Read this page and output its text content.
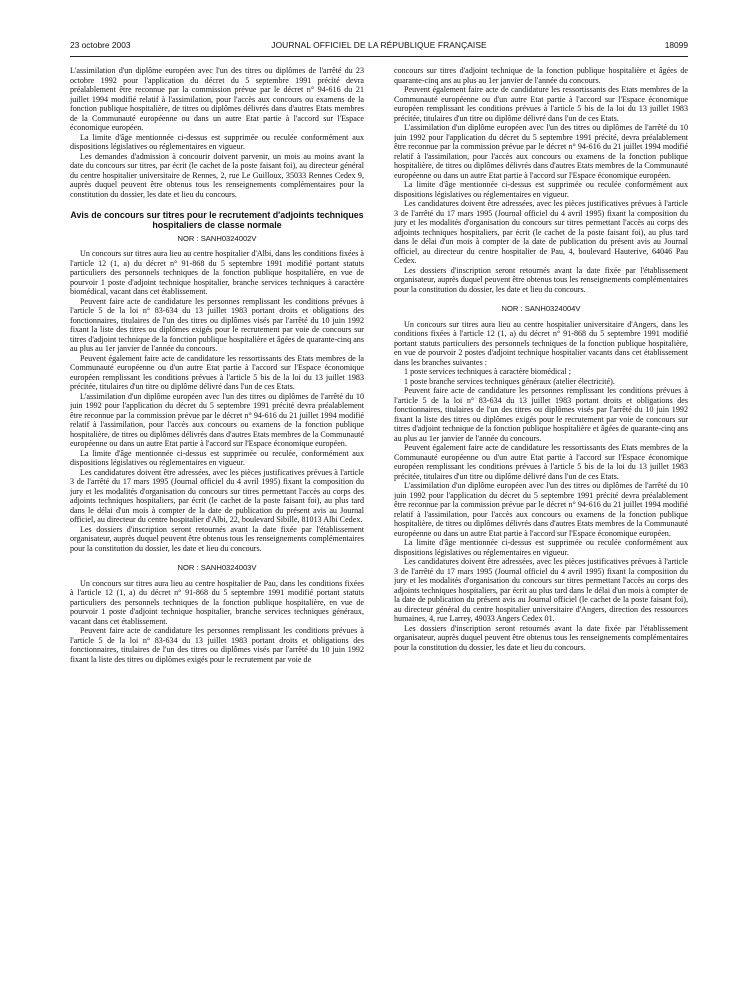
23 octobre 2003	JOURNAL OFFICIEL DE LA RÉPUBLIQUE FRANÇAISE	18099

L'assimilation d'un diplôme européen avec l'un des titres ou diplômes de l'arrêté du 23 octobre 1992 pour l'application du décret du 5 septembre 1991 précité devra préalablement être reconnue par la commission prévue par le décret n° 94-616 du 21 juillet 1994 modifié relatif à l'assimilation, pour l'accès aux concours ou examens de la fonction publique hospitalière, de titres ou diplômes délivrés dans d'autres Etats membres de la Communauté européenne ou dans un autre Etat partie à l'accord sur l'Espace économique européen.

La limite d'âge mentionnée ci-dessus est supprimée ou reculée conformément aux dispositions législatives ou réglementaires en vigueur.

Les demandes d'admission à concourir doivent parvenir, un mois au moins avant la date du concours sur titres, par écrit (le cachet de la poste faisant foi), au directeur général du centre hospitalier universitaire de Rennes, 2, rue Le Guilloux, 35033 Rennes Cedex 9, auprès duquel peuvent être obtenus tous les renseignements complémentaires pour la constitution du dossier, les date et lieu du concours.

Avis de concours sur titres pour le recrutement d'adjoints techniques hospitaliers de classe normale
NOR : SANH0324002V

Un concours sur titres aura lieu au centre hospitalier d'Albi, dans les conditions fixées à l'article 12 (1, a) du décret n° 91-868 du 5 septembre 1991 modifié portant statuts particuliers des personnels techniques de la fonction publique hospitalière, en vue de pourvoir 1 poste d'adjoint technique hospitalier, branche services techniques à caractère biomédical, vacant dans cet établissement.

Peuvent faire acte de candidature les personnes remplissant les conditions prévues à l'article 5 de la loi n° 83-634 du 13 juillet 1983 portant droits et obligations des fonctionnaires, titulaires de l'un des titres ou diplômes visés par l'arrêté du 10 juin 1992 fixant la liste des titres ou diplômes exigés pour le recrutement par voie de concours sur titres d'adjoint technique de la fonction publique hospitalière et âgées de quarante-cinq ans au plus au 1er janvier de l'année du concours.

Peuvent également faire acte de candidature les ressortissants des Etats membres de la Communauté européenne ou d'un autre Etat partie à l'accord sur l'Espace économique européen remplissant les conditions prévues à l'article 5 bis de la loi du 13 juillet 1983 précitée, titulaires d'un titre ou diplôme délivré dans l'un de ces Etats.

L'assimilation d'un diplôme européen avec l'un des titres ou diplômes de l'arrêté du 10 juin 1992 pour l'application du décret du 5 septembre 1991 précité devra préalablement être reconnue par la commission prévue par le décret n° 94-616 du 21 juillet 1994 modifié relatif à l'assimilation, pour l'accès aux concours ou examens de la fonction publique hospitalière, de titres ou diplômes délivrés dans d'autres Etats membres de la Communauté européenne ou dans un autre Etat partie à l'accord sur l'Espace économique européen.

La limite d'âge mentionnée ci-dessus est supprimée ou reculée, conformément aux dispositions législatives ou réglementaires en vigueur.

Les candidatures doivent être adressées, avec les pièces justificatives prévues à l'article 3 de l'arrêté du 17 mars 1995 (Journal officiel du 4 avril 1995) fixant la composition du jury et les modalités d'organisation du concours sur titres permettant l'accès au corps des adjoints techniques hospitaliers, par écrit (le cachet de la poste faisant foi), au plus tard dans le délai d'un mois à compter de la date de publication du présent avis au Journal officiel, au directeur du centre hospitalier d'Albi, 22, boulevard Sibille, 81013 Albi Cedex.

Les dossiers d'inscription seront retournés avant la date fixée par l'établissement organisateur, auprès duquel peuvent être obtenus tous les renseignements complémentaires pour la constitution du dossier, les date et lieu du concours.

NOR : SANH0324003V

Un concours sur titres aura lieu au centre hospitalier de Pau, dans les conditions fixées à l'article 12 (1, a) du décret n° 91-868 du 5 septembre 1991 modifié portant statuts particuliers des personnels techniques de la fonction publique hospitalière, en vue de pourvoir 1 poste d'adjoint technique hospitalier, branche services techniques généraux, vacant dans cet établissement.

Peuvent faire acte de candidature les personnes remplissant les conditions prévues à l'article 5 de la loi n° 83-634 du 13 juillet 1983 portant droits et obligations des fonctionnaires, titulaires de l'un des titres ou diplômes visés par l'arrêté du 10 juin 1992 fixant la liste des titres ou diplômes exigés pour le recrutement par voie de

concours sur titres d'adjoint technique de la fonction publique hospitalière et âgées de quarante-cinq ans au plus au 1er janvier de l'année du concours.

Peuvent également faire acte de candidature les ressortissants des Etats membres de la Communauté européenne ou d'un autre Etat partie à l'accord sur l'Espace économique européen remplissant les conditions prévues à l'article 5 bis de la loi du 13 juillet 1983 précitée, titulaires d'un titre ou diplôme délivré dans l'un de ces Etats.

L'assimilation d'un diplôme européen avec l'un des titres ou diplômes de l'arrêté du 10 juin 1992 pour l'application du décret du 5 septembre 1991 précité, devra préalablement être reconnue par la commission prévue par le décret n° 94-616 du 21 juillet 1994 modifié relatif à l'assimilation, pour l'accès aux concours ou examens de la fonction publique hospitalière, de titres ou diplômes délivrés dans d'autres Etats membres de la Communauté européenne ou dans un autre Etat partie à l'accord sur l'Espace économique européen.

La limite d'âge mentionnée ci-dessus est supprimée ou reculée conformément aux dispositions législatives ou réglementaires en vigueur.

Les candidatures doivent être adressées, avec les pièces justificatives prévues à l'article 3 de l'arrêté du 17 mars 1995 (Journal officiel du 4 avril 1995) fixant la composition du jury et les modalités d'organisation du concours sur titres permettant l'accès au corps des adjoints techniques hospitaliers, par écrit (le cachet de la poste faisant foi), au plus tard dans le délai d'un mois à compter de la date de publication du présent avis au Journal officiel, au directeur du centre hospitalier de Pau, 4, boulevard Hauterive, 64046 Pau Cedex.

Les dossiers d'inscription seront retournés avant la date fixée par l'établissement organisateur, auprès duquel peuvent être obtenus tous les renseignements complémentaires pour la constitution du dossier, les date et lieu du concours.

NOR : SANH0324004V

Un concours sur titres aura lieu au centre hospitalier universitaire d'Angers, dans les conditions fixées à l'article 12 (1, a) du décret n° 91-868 du 5 septembre 1991 modifié portant statuts particuliers des personnels techniques de la fonction publique hospitalière, en vue de pourvoir 2 postes d'adjoint technique hospitalier vacants dans cet établissement dans les branches suivantes :

1 poste services techniques à caractère biomédical ;

1 poste branche services techniques généraux (atelier électricité).

Peuvent faire acte de candidature les personnes remplissant les conditions prévues à l'article 5 de la loi n° 83-634 du 13 juillet 1983 portant droits et obligations des fonctionnaires, titulaires de l'un des titres ou diplômes visés par l'arrêté du 10 juin 1992 fixant la liste des titres ou diplômes exigés pour le recrutement par voie de concours sur titres d'adjoint technique de la fonction publique hospitalière et âgées de quarante-cinq ans au plus au 1er janvier de l'année du concours.

Peuvent également faire acte de candidature les ressortissants des Etats membres de la Communauté européenne ou d'un autre Etat partie à l'accord sur l'Espace économique européen remplissant les conditions prévues à l'article 5 bis de la loi du 13 juillet 1983 précitée, titulaires d'un titre ou diplôme délivré dans l'un de ces Etats.

L'assimilation d'un diplôme européen avec l'un des titres ou diplômes de l'arrêté du 10 juin 1992 pour l'application du décret du 5 septembre 1991 précité devra préalablement être reconnue par la commission prévue par le décret n° 94-616 du 21 juillet 1994 modifié relatif à l'assimilation, pour l'accès aux concours ou examens de la fonction publique hospitalière, de titres ou diplômes délivrés dans d'autres Etats membres de la Communauté européenne ou dans un autre Etat partie à l'accord sur l'Espace économique européen.

La limite d'âge mentionnée ci-dessus est supprimée ou reculée conformément aux dispositions législatives ou réglementaires en vigueur.

Les candidatures doivent être adressées, avec les pièces justificatives prévues à l'article 3 de l'arrêté du 17 mars 1995 (Journal officiel du 4 avril 1995) fixant la composition du jury et les modalités d'organisation du concours sur titres permettant l'accès au corps des adjoints techniques hospitaliers, par écrit au plus tard dans le délai d'un mois à compter de la date de publication du présent avis au Journal officiel (le cachet de la poste faisant foi), au directeur général du centre hospitalier universitaire d'Angers, direction des ressources humaines, 4, rue Larrey, 49033 Angers Cedex 01.

Les dossiers d'inscription seront retournés avant la date fixée par l'établissement organisateur, auprès duquel peuvent être obtenus tous les renseignements complémentaires pour la constitution du dossier, les date et lieu du concours.
